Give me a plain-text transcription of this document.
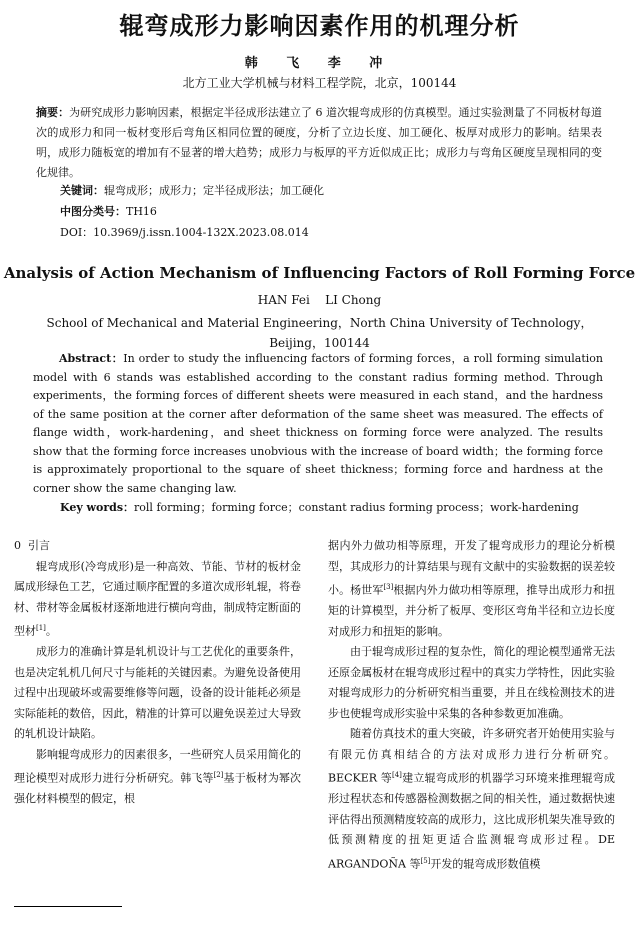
辊弯成形力影响因素作用的机理分析
韩 飞 李 冲
北方工业大学机械与材料工程学院，北京，100144
摘要：为研究成形力影响因素，根据定半径成形法建立了 6 道次辊弯成形的仿真模型。通过实验测量了不同板材每道次的成形力和同一板材变形后弯角区相同位置的硬度，分析了立边长度、加工硬化、板厚对成形力的影响。结果表明，成形力随板宽的增加有不显著的增大趋势；成形力与板厚的平方近似成正比；成形力与弯角区硬度呈现相同的变化规律。
关键词：辊弯成形；成形力；定半径成形法；加工硬化
中图分类号：TH16
DOI：10.3969/j.issn.1004-132X.2023.08.014
Analysis of Action Mechanism of Influencing Factors of Roll Forming Force
HAN Fei    LI Chong
School of Mechanical and Material Engineering，North China University of Technology，Beijing，100144
Abstract：In order to study the influencing factors of forming forces，a roll forming simulation model with 6 stands was established according to the constant radius forming method. Through experiments，the forming forces of different sheets were measured in each stand，and the hardness of the same position at the corner after deformation of the same sheet was measured. The effects of flange width，work-hardening，and sheet thickness on forming force were analyzed. The results show that the forming force increases unobvious with the increase of board width；the forming force is approximately proportional to the square of sheet thickness；forming force and hardness at the corner show the same changing law.
Key words：roll forming；forming force；constant radius forming process；work-hardening

0  引言

辊弯成形(冷弯成形)是一种高效、节能、节材的板材金属成形绿色工艺，它通过顺序配置的多道次成形轧辊，将卷材、带材等金属板材逐渐地进行横向弯曲，制成特定断面的型材[1]。

成形力的准确计算是轧机设计与工艺优化的重要条件，也是决定轧机几何尺寸与能耗的关键因素。为避免设备使用过程中出现破坏或需要维修等问题，设备的设计能耗必须是实际能耗的数倍，因此，精准的计算可以避免误差过大导致的轧机设计缺陷。

影响辊弯成形力的因素很多，一些研究人员采用简化的理论模型对成形力进行分析研究。韩飞等[2]基于板材为幂次强化材料模型的假定，根

据内外力做功相等原理，开发了辊弯成形力的理论分析模型，其成形力的计算结果与现有文献中的实验数据的误差较小。杨世军[3]根据内外力做功相等原理，推导出成形力和扭矩的计算模型，并分析了板厚、变形区弯角半径和立边长度对成形力和扭矩的影响。

由于辊弯成形过程的复杂性，简化的理论模型通常无法还原金属板材在辊弯成形过程中的真实力学特性，因此实验对辊弯成形力的分析研究相当重要，并且在线检测技术的进步也使辊弯成形实验中采集的各种参数更加准确。

随着仿真技术的重大突破，许多研究者开始使用实验与有限元仿真相结合的方法对成形力进行分析研究。BECKER 等[4]建立辊弯成形的机器学习环境来推理辊弯成形过程状态和传感器检测数据之间的相关性，通过数据快速评估得出预测精度较高的成形力，这比成形机架失准导致的低预测精度的扭矩更适合监测辊弯成形过程。DE ARGANDOÑA 等[5]开发的辊弯成形数值模
